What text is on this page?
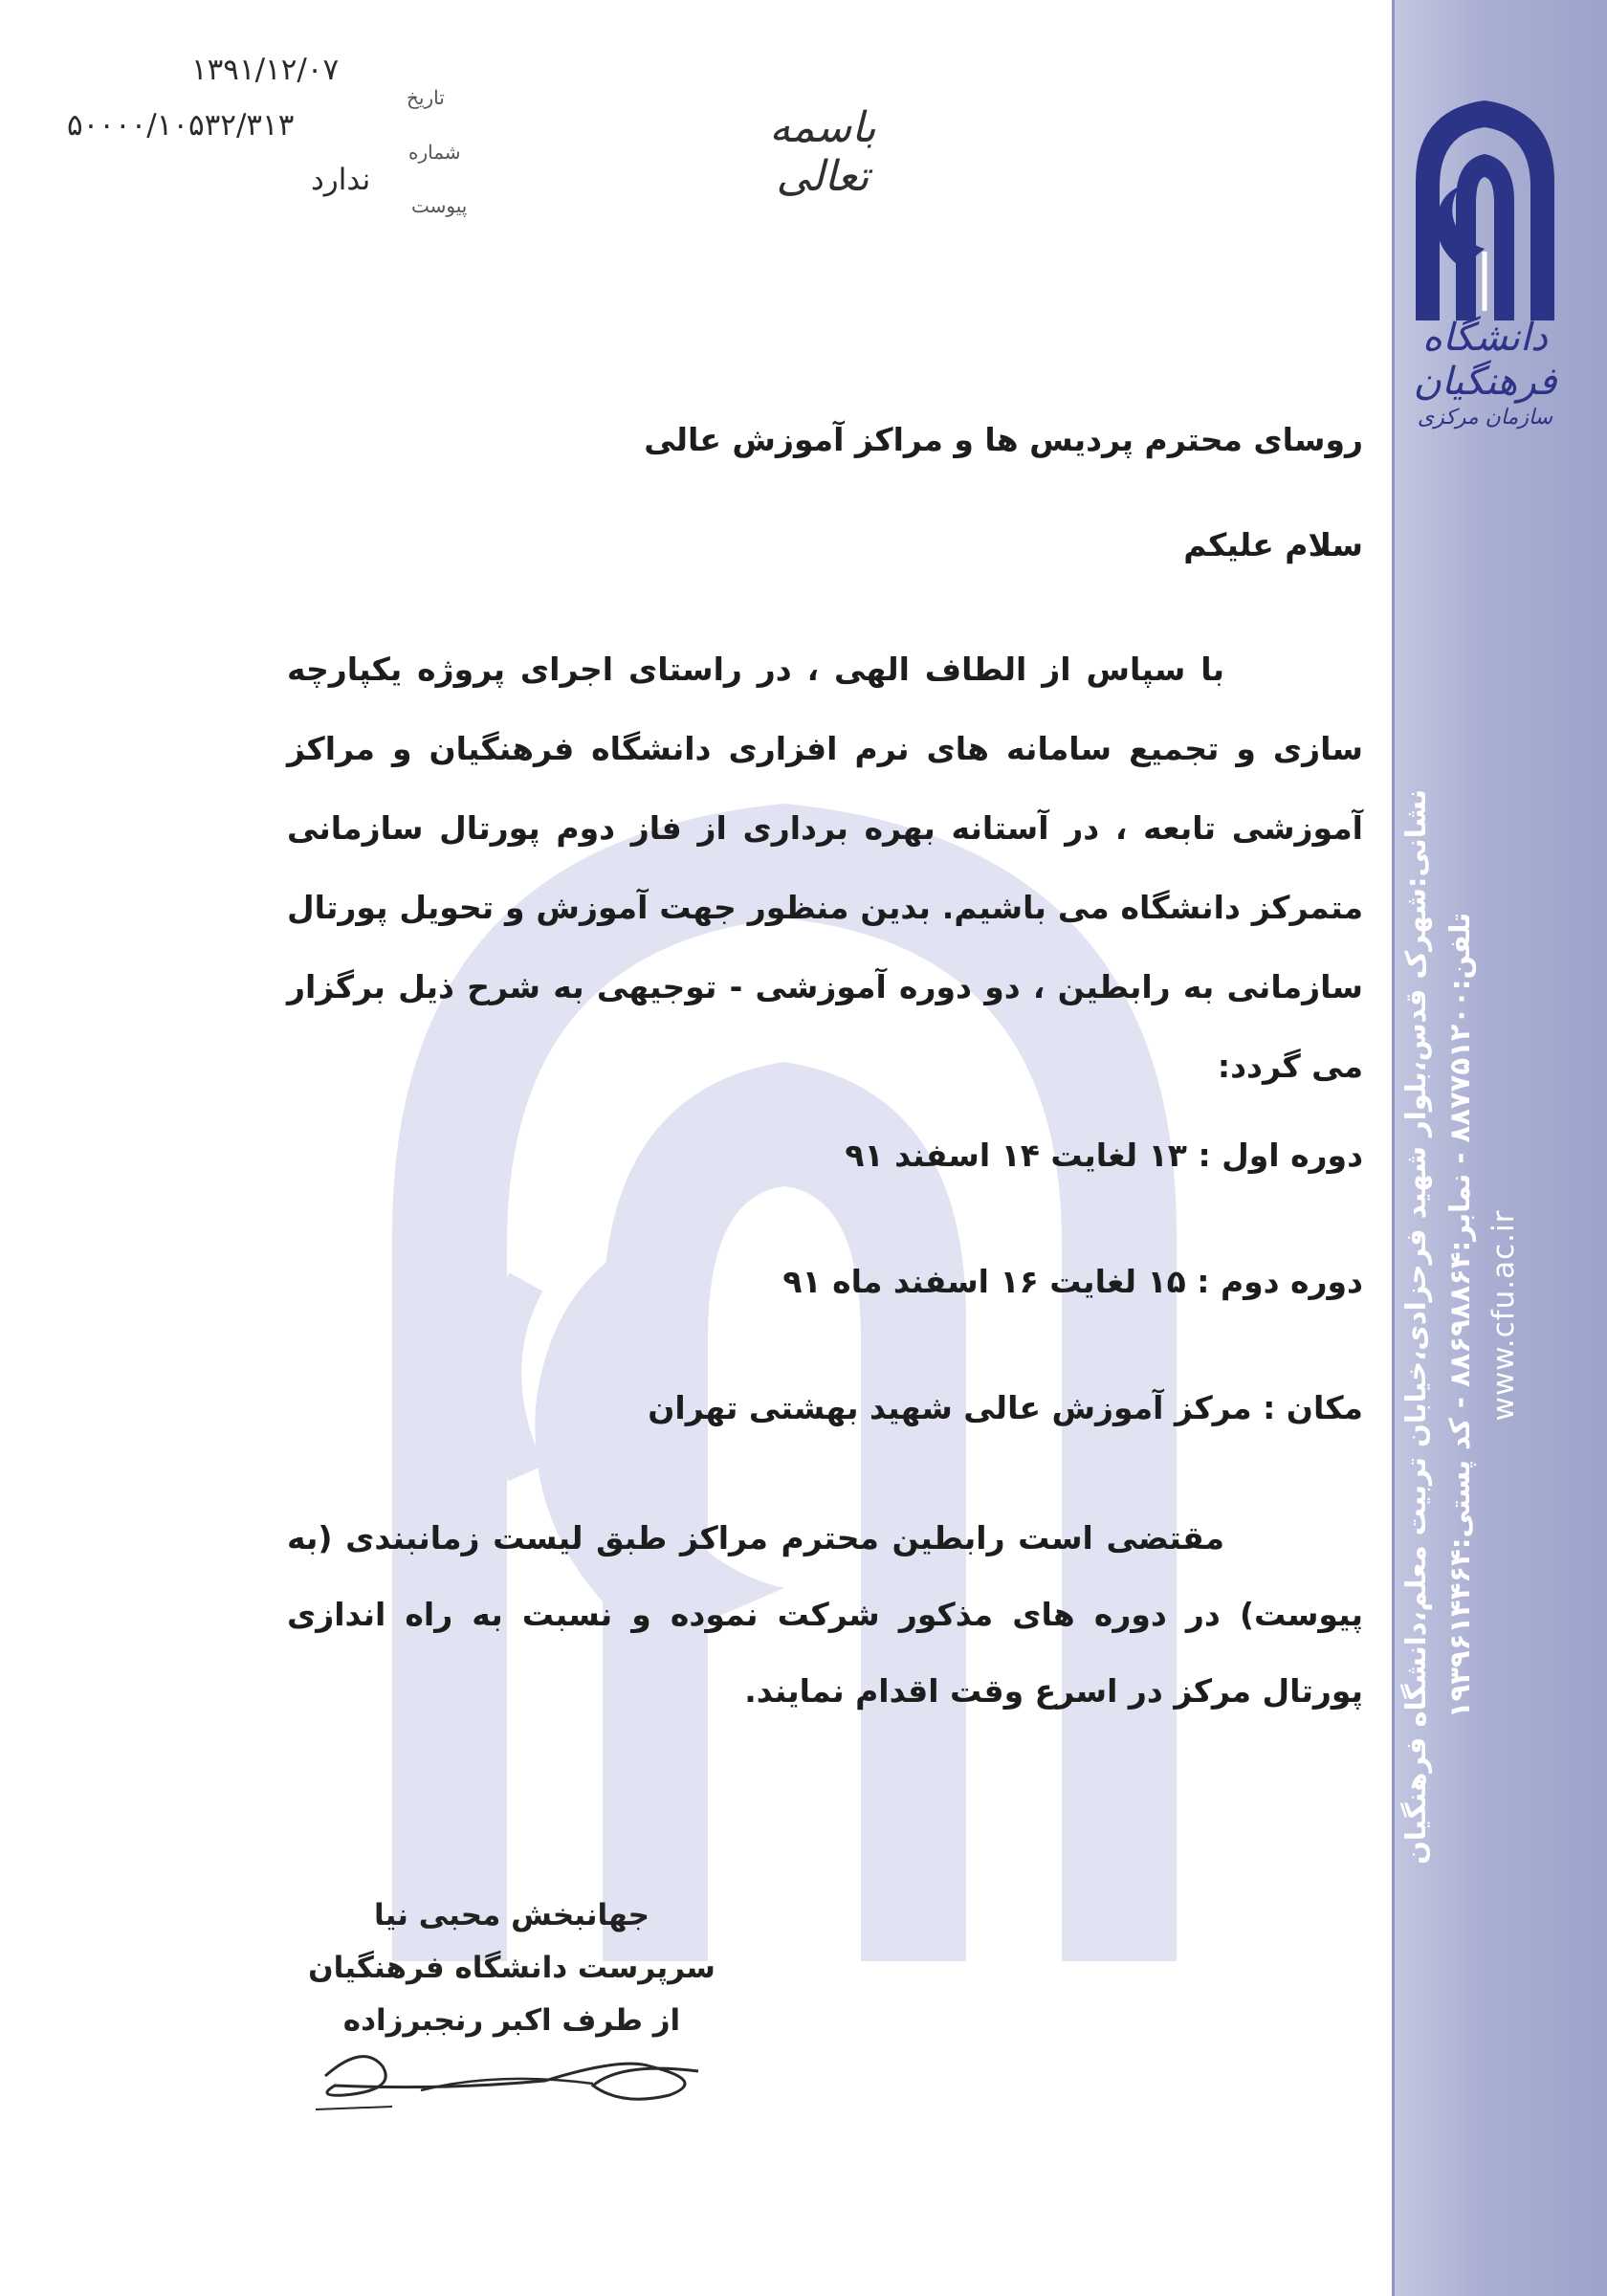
نشانی:شهرک قدس،بلوار شهید فرحزادی،خیابان تربیت معلم،دانشگاه فرهنگیان تلفن:۸۸۷۷۵۱۲۰۰ - نمابر:۸۸۶۹۸۸۶۴ - کد پستی:۱۹۳۹۶۱۴۴۶۴
www.cfu.ac.ir
دانشگاه فرهنگیان
سازمان مرکزی
باسمه تعالی
تاریخ
۱۳۹۱/۱۲/۰۷
شماره
۵۰۰۰۰/۱۰۵۳۲/۳۱۳
پیوست
ندارد
روسای محترم پردیس ها و مراکز آموزش عالی
سلام علیکم
با سپاس از الطاف الهی ، در راستای اجرای پروژه یکپارچه سازی و تجمیع سامانه های نرم افزاری دانشگاه فرهنگیان و مراکز آموزشی تابعه ، در آستانه بهره برداری از فاز دوم پورتال سازمانی متمرکز دانشگاه می باشیم. بدین منظور جهت آموزش و تحویل پورتال سازمانی به رابطین ، دو دوره آموزشی - توجیهی به شرح ذیل برگزار می گردد:
دوره اول : ۱۳ لغایت ۱۴ اسفند ۹۱
دوره دوم : ۱۵ لغایت ۱۶ اسفند ماه ۹۱
مکان : مرکز آموزش عالی شهید بهشتی تهران
مقتضی است رابطین محترم مراکز طبق لیست زمانبندی (به پیوست) در دوره های مذکور شرکت نموده و نسبت به راه اندازی پورتال مرکز در اسرع وقت اقدام نمایند.
جهانبخش محبی نیا
سرپرست دانشگاه فرهنگیان
از طرف اکبر رنجبرزاده
